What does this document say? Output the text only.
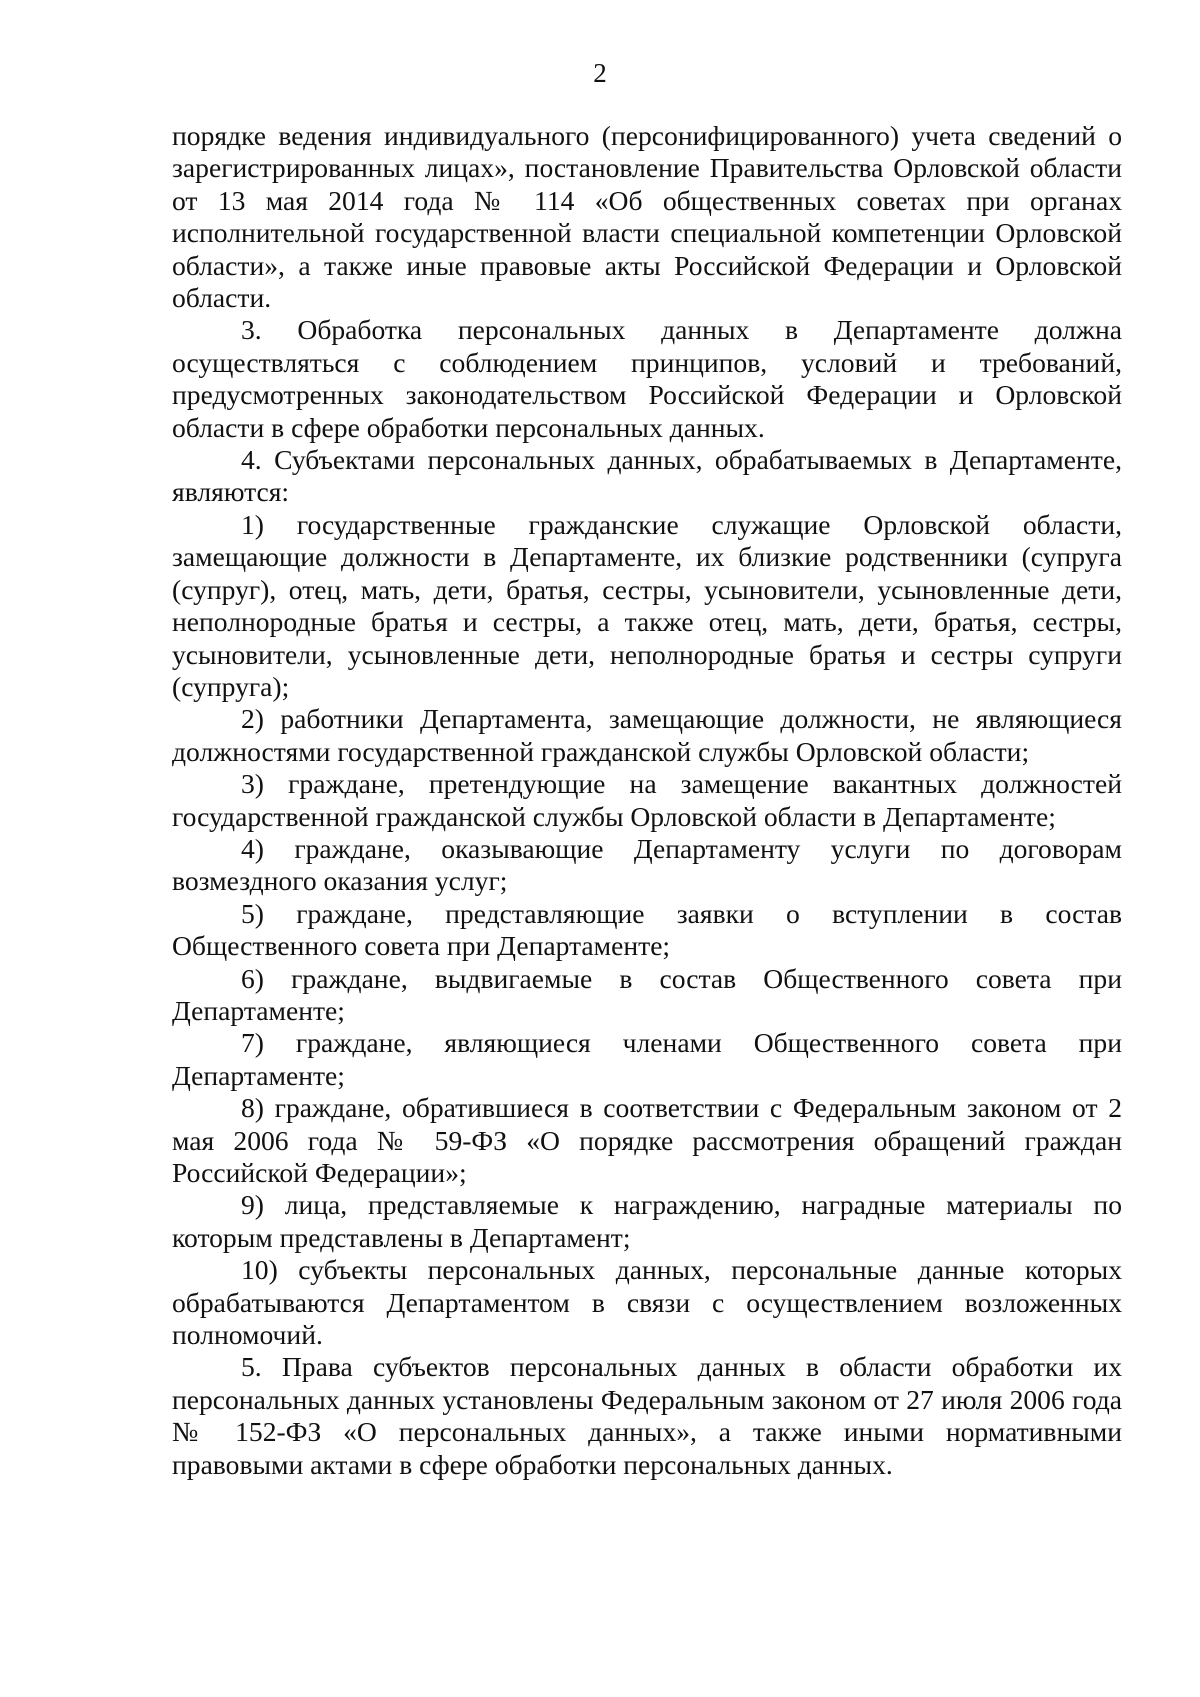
2

порядке ведения индивидуального (персонифицированного) учета сведений о зарегистрированных лицах», постановление Правительства Орловской области от 13 мая 2014 года № 114 «Об общественных советах при органах исполнительной государственной власти специальной компетенции Орловской области», а также иные правовые акты Российской Федерации и Орловской области.

3. Обработка персональных данных в Департаменте должна осуществляться с соблюдением принципов, условий и требований, предусмотренных законодательством Российской Федерации и Орловской области в сфере обработки персональных данных.

4. Субъектами персональных данных, обрабатываемых в Департаменте, являются:

1) государственные гражданские служащие Орловской области, замещающие должности в Департаменте, их близкие родственники (супруга (супруг), отец, мать, дети, братья, сестры, усыновители, усыновленные дети, неполнородные братья и сестры, а также отец, мать, дети, братья, сестры, усыновители, усыновленные дети, неполнородные братья и сестры супруги (супруга);

2) работники Департамента, замещающие должности, не являющиеся должностями государственной гражданской службы Орловской области;

3) граждане, претендующие на замещение вакантных должностей государственной гражданской службы Орловской области в Департаменте;

4) граждане, оказывающие Департаменту услуги по договорам возмездного оказания услуг;

5) граждане, представляющие заявки о вступлении в состав Общественного совета при Департаменте;

6) граждане, выдвигаемые в состав Общественного совета при Департаменте;

7) граждане, являющиеся членами Общественного совета при Департаменте;

8) граждане, обратившиеся в соответствии с Федеральным законом от 2 мая 2006 года № 59-ФЗ «О порядке рассмотрения обращений граждан Российской Федерации»;

9) лица, представляемые к награждению, наградные материалы по которым представлены в Департамент;

10) субъекты персональных данных, персональные данные которых обрабатываются Департаментом в связи с осуществлением возложенных полномочий.

5. Права субъектов персональных данных в области обработки их персональных данных установлены Федеральным законом от 27 июля 2006 года № 152-ФЗ «О персональных данных», а также иными нормативными правовыми актами в сфере обработки персональных данных.
